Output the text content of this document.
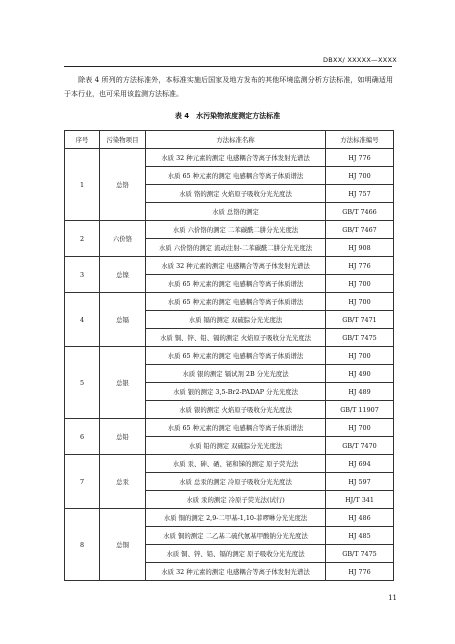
DBXX/ XXXXX—XXXX

除表 4 所列的方法标准外，本标准实施后国家及地方发布的其他环境监测分析方法标准，如明确适用于本行业，也可采用该监测方法标准。

表 4　水污染物浓度测定方法标准
序号	污染物项目	方法标准名称	方法标准编号
1	总铬	水质 32 种元素的测定 电感耦合等离子体发射光谱法	HJ 776
		水质 65 种元素的测定 电感耦合等离子体质谱法	HJ 700
		水质 铬的测定 火焰原子吸收分光光度法	HJ 757
		水质 总铬的测定	GB/T 7466
2	六价铬	水质 六价铬的测定 二苯碳酰二肼分光光度法	GB/T 7467
		水质 六价铬的测定 流动注射-二苯碳酰二肼分光光度法	HJ 908
3	总镍	水质 32 种元素的测定 电感耦合等离子体发射光谱法	HJ 776
		水质 65 种元素的测定 电感耦合等离子体质谱法	HJ 700
4	总镉	水质 65 种元素的测定 电感耦合等离子体质谱法	HJ 700
		水质 镉的测定 双硫腙分光光度法	GB/T 7471
		水质 铜、锌、铅、镉的测定 火焰原子吸收分光光度法	GB/T 7475
5	总银	水质 65 种元素的测定 电感耦合等离子体质谱法	HJ 700
		水质 银的测定 镉试剂 2B 分光光度法	HJ 490
		水质 银的测定 3,5-Br2-PADAP 分光光度法	HJ 489
		水质 银的测定 火焰原子吸收分光光度法	GB/T 11907
6	总铅	水质 65 种元素的测定 电感耦合等离子体质谱法	HJ 700
		水质 铅的测定 双硫腙分光光度法	GB/T 7470
7	总汞	水质 汞、砷、硒、铋和锑的测定 原子荧光法	HJ 694
		水质 总汞的测定 冷原子吸收分光光度法	HJ 597
		水质 汞的测定 冷原子荧光法(试行)	HJ/T 341
8	总铜	水质 铜的测定 2,9-二甲基-1,10-菲啰啉分光光度法	HJ 486
		水质 铜的测定 二乙基二硫代氨基甲酸钠分光光度法	HJ 485
		水质 铜、锌、铅、镉的测定 原子吸收分光光度法	GB/T 7475
		水质 32 种元素的测定 电感耦合等离子体发射光谱法	HJ 776
11
